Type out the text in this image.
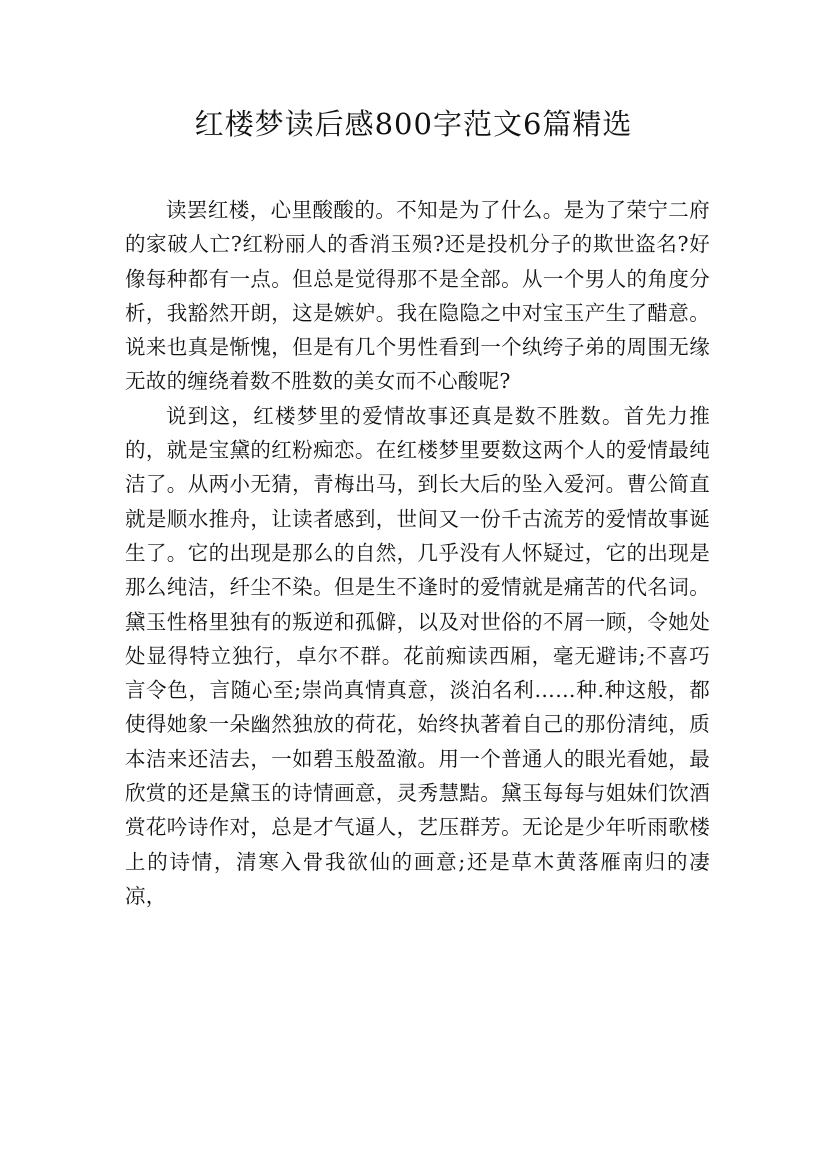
红楼梦读后感800字范文6篇精选

读罢红楼，心里酸酸的。不知是为了什么。是为了荣宁二府的家破人亡?红粉丽人的香消玉殒?还是投机分子的欺世盗名?好像每种都有一点。但总是觉得那不是全部。从一个男人的角度分析，我豁然开朗，这是嫉妒。我在隐隐之中对宝玉产生了醋意。说来也真是惭愧，但是有几个男性看到一个纨绔子弟的周围无缘无故的缠绕着数不胜数的美女而不心酸呢?

说到这，红楼梦里的爱情故事还真是数不胜数。首先力推的，就是宝黛的红粉痴恋。在红楼梦里要数这两个人的爱情最纯洁了。从两小无猜，青梅出马，到长大后的坠入爱河。曹公简直就是顺水推舟，让读者感到，世间又一份千古流芳的爱情故事诞生了。它的出现是那么的自然，几乎没有人怀疑过，它的出现是那么纯洁，纤尘不染。但是生不逢时的爱情就是痛苦的代名词。黛玉性格里独有的叛逆和孤僻，以及对世俗的不屑一顾，令她处处显得特立独行，卓尔不群。花前痴读西厢，毫无避讳;不喜巧言令色，言随心至;崇尚真情真意，淡泊名利……种.种这般，都使得她象一朵幽然独放的荷花，始终执著着自己的那份清纯，质本洁来还洁去，一如碧玉般盈澈。用一个普通人的眼光看她，最欣赏的还是黛玉的诗情画意，灵秀慧黠。黛玉每每与姐妹们饮酒赏花吟诗作对，总是才气逼人，艺压群芳。无论是少年听雨歌楼上的诗情，清寒入骨我欲仙的画意;还是草木黄落雁南归的凄凉，
